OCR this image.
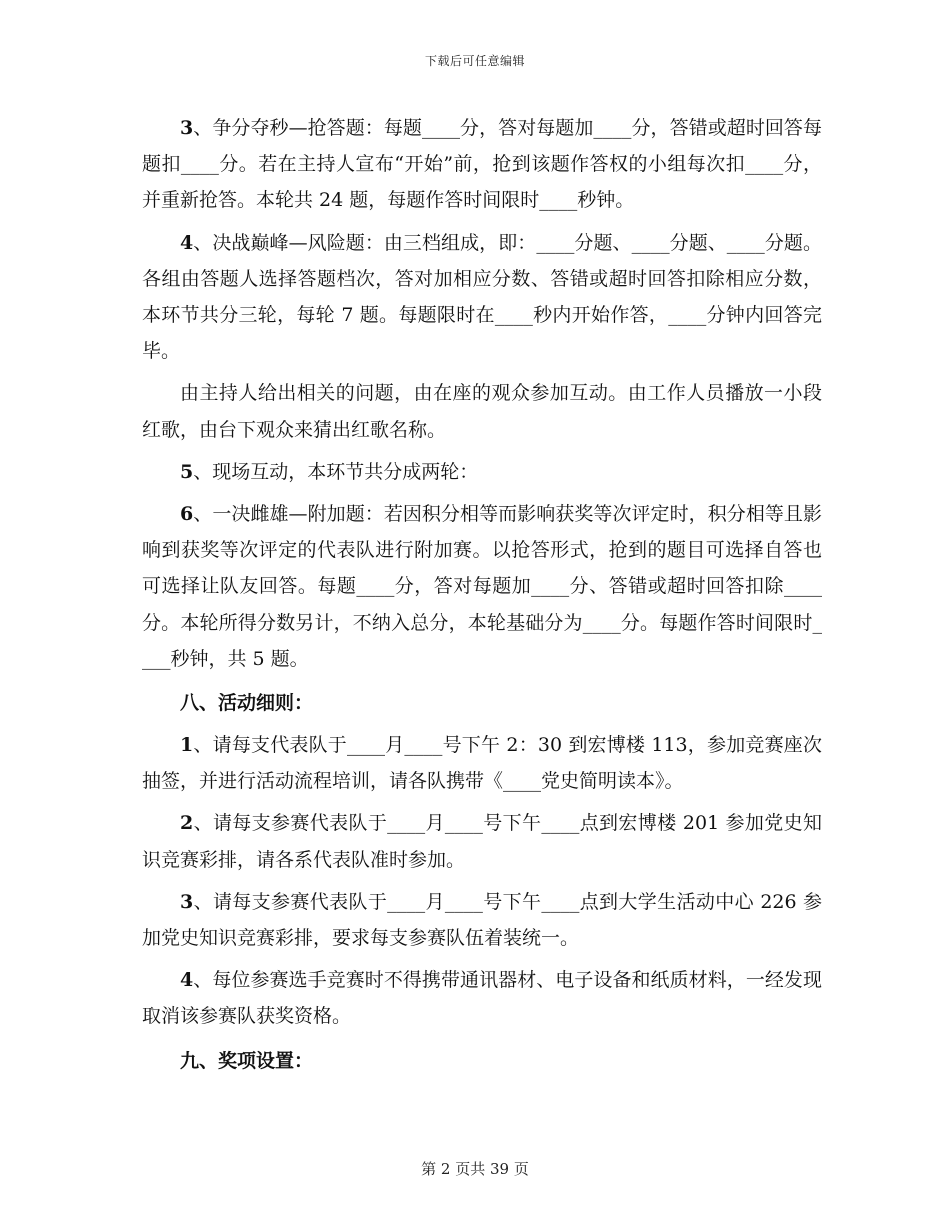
下载后可任意编辑

3、争分夺秒—抢答题：每题____分，答对每题加____分，答错或超时回答每题扣____分。若在主持人宣布“开始”前，抢到该题作答权的小组每次扣____分，并重新抢答。本轮共 24 题，每题作答时间限时____秒钟。

4、决战巅峰—风险题：由三档组成，即：____分题、____分题、____分题。各组由答题人选择答题档次，答对加相应分数、答错或超时回答扣除相应分数，本环节共分三轮，每轮 7 题。每题限时在____秒内开始作答，____分钟内回答完毕。

由主持人给出相关的问题，由在座的观众参加互动。由工作人员播放一小段红歌，由台下观众来猜出红歌名称。

5、现场互动，本环节共分成两轮：

6、一决雌雄—附加题：若因积分相等而影响获奖等次评定时，积分相等且影响到获奖等次评定的代表队进行附加赛。以抢答形式，抢到的题目可选择自答也可选择让队友回答。每题____分，答对每题加____分、答错或超时回答扣除____分。本轮所得分数另计，不纳入总分，本轮基础分为____分。每题作答时间限时____秒钟，共 5 题。

八、活动细则：

1、请每支代表队于____月____号下午 2：30 到宏博楼 113，参加竞赛座次抽签，并进行活动流程培训，请各队携带《____党史简明读本》。

2、请每支参赛代表队于____月____号下午____点到宏博楼 201 参加党史知识竞赛彩排，请各系代表队准时参加。

3、请每支参赛代表队于____月____号下午____点到大学生活动中心 226 参加党史知识竞赛彩排，要求每支参赛队伍着装统一。

4、每位参赛选手竞赛时不得携带通讯器材、电子设备和纸质材料，一经发现取消该参赛队获奖资格。

九、奖项设置：

第 2 页共 39 页
